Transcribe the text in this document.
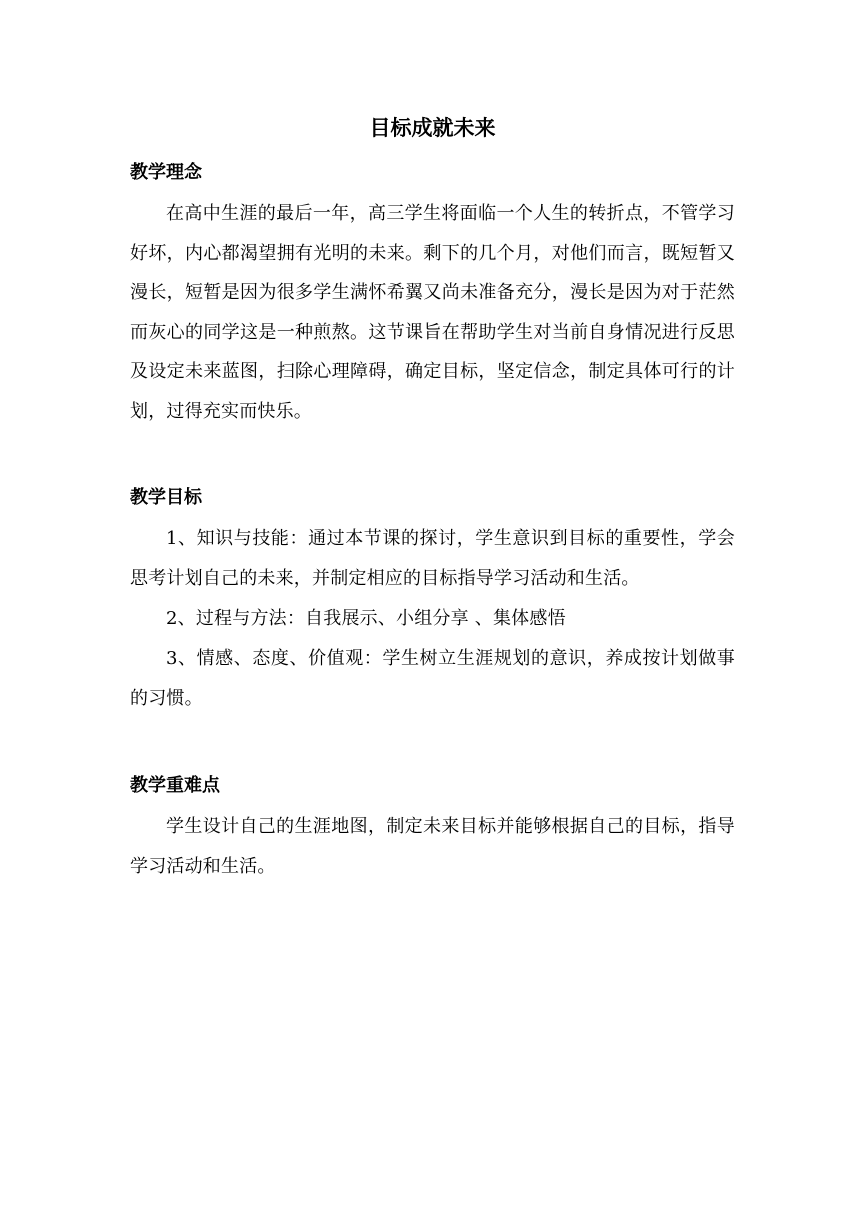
目标成就未来
教学理念

在高中生涯的最后一年，高三学生将面临一个人生的转折点，不管学习好坏，内心都渴望拥有光明的未来。剩下的几个月，对他们而言，既短暂又漫长，短暂是因为很多学生满怀希翼又尚未准备充分，漫长是因为对于茫然而灰心的同学这是一种煎熬。这节课旨在帮助学生对当前自身情况进行反思及设定未来蓝图，扫除心理障碍，确定目标，坚定信念，制定具体可行的计划，过得充实而快乐。

教学目标

1、知识与技能：通过本节课的探讨，学生意识到目标的重要性，学会思考计划自己的未来，并制定相应的目标指导学习活动和生活。

2、过程与方法：自我展示、小组分享 、集体感悟

3、情感、态度、价值观：学生树立生涯规划的意识，养成按计划做事的习惯。

教学重难点

学生设计自己的生涯地图，制定未来目标并能够根据自己的目标，指导学习活动和生活。
